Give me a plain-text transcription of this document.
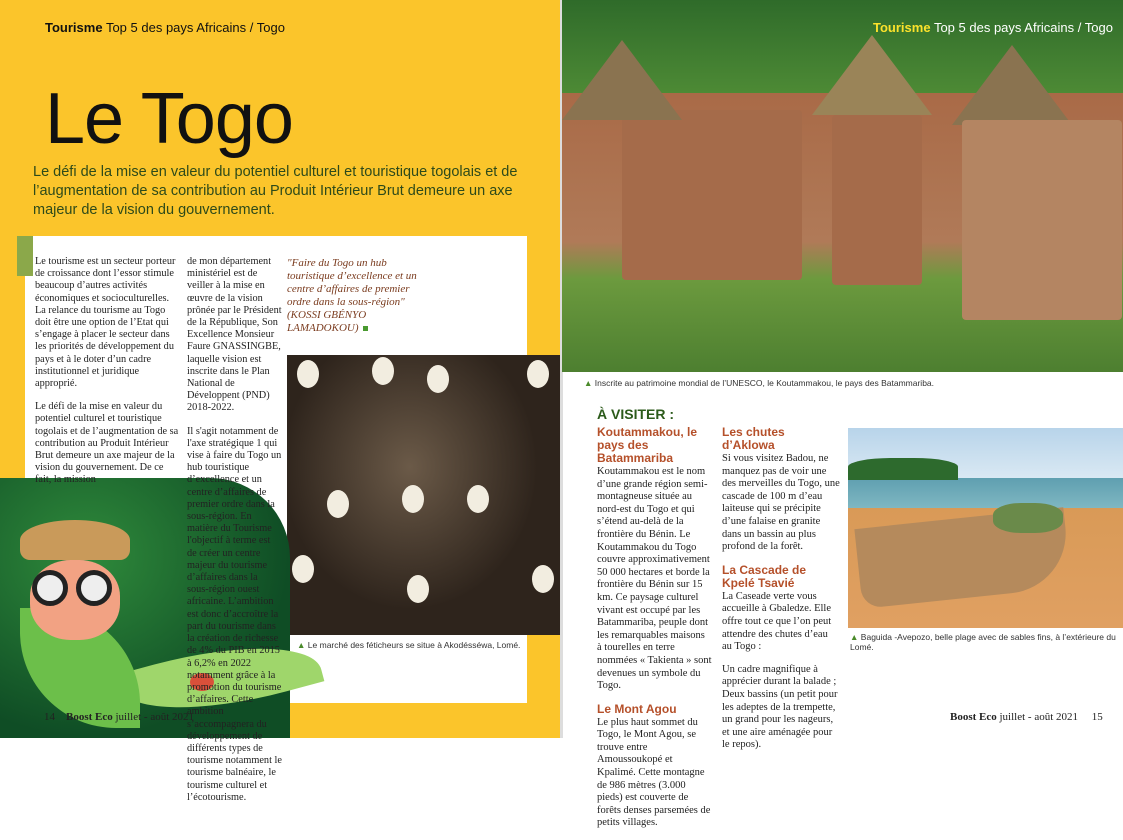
Tourisme Top 5 des pays Africains / Togo	Tourisme Top 5 des pays Africains / Togo
Le Togo

Le défi de la mise en valeur du potentiel culturel et touristique togolais et de l’augmentation de sa contribution au Produit Intérieur Brut demeure un axe majeur de la vision du gouvernement.

Le tourisme est un secteur porteur de croissance dont l’essor stimule beaucoup d’autres activités économiques et socioculturelles. La relance du tourisme au Togo doit être une option de l’Etat qui s’engage à placer le secteur dans les priorités de développement du pays et à le doter d’un cadre institutionnel et juridique approprié.

Le défi de la mise en valeur du potentiel culturel et touristique togolais et de l’augmentation de sa contribution au Produit Intérieur Brut demeure un axe majeur de la vision du gouvernement. De ce fait, la mission

de mon département ministériel est de veiller à la mise en œuvre de la vision prônée par le Président de la République, Son Excellence Monsieur Faure GNASSINGBE, laquelle vision est inscrite dans le Plan National de Développent (PND) 2018-2022.

Il s'agit notamment de l'axe stratégique 1 qui vise à faire du Togo un hub touristique d’excellence et un centre d’affaires de premier ordre dans la sous-région. En matière du Tourisme l'objectif à terme est de créer un centre majeur du tourisme d’affaires dans la sous-région ouest africaine. L’ambition est donc d’accroître la part du tourisme dans la création de richesse de 4% du PIB en 2015 à 6,2% en 2022 notamment grâce à la promotion du tourisme d’affaires. Cette ambition s’accompagnera du développement de différents types de tourisme notamment le tourisme balnéaire, le tourisme culturel et l’écotourisme.

"Faire du Togo un hub touristique d’excellence et un centre d’affaires de premier ordre dans la sous-région" (KOSSI GBÉNYO LAMADOKOU)
▲ Le marché des féticheurs se situe à Akodésséwa, Lomé.
14 Boost Eco juillet - août 2021
▲ Inscrite au patrimoine mondial de l’UNESCO, le Koutammakou, le pays des Batammariba.
À VISITER :
Koutammakou, le pays des Batammariba

Koutammakou est le nom d’une grande région semi-montagneuse située au nord-est du Togo et qui s’étend au-delà de la frontière du Bénin. Le Koutammakou du Togo couvre approximativement 50 000 hectares et borde la frontière du Bénin sur 15 km. Ce paysage culturel vivant est occupé par les Batammariba, peuple dont les remarquables maisons à tourelles en terre nommées « Takienta » sont devenues un symbole du Togo.

Le Mont Agou

Le plus haut sommet du Togo, le Mont Agou, se trouve entre Amoussoukopé et Kpalimé. Cette montagne de 986 mètres (3.000 pieds) est couverte de forêts denses parsemées de petits villages.

Les chutes d’Aklowa

Si vous visitez Badou, ne manquez pas de voir une des merveilles du Togo, une cascade de 100 m d’eau laiteuse qui se précipite d’une falaise en granite dans un bassin au plus profond de la forêt.

La Cascade de Kpelé Tsavié

La Caseade verte vous accueille à Gbaledze. Elle offre tout ce que l’on peut attendre des chutes d’eau au Togo :

Un cadre magnifique à apprécier durant la balade ; Deux bassins (un petit pour les adeptes de la trempette, un grand pour les nageurs, et une aire aménagée pour le repos).

▲ Baguida -Avepozo, belle plage avec de sables fins, à l’extérieure du Lomé.
Boost Eco juillet - août 2021 15
